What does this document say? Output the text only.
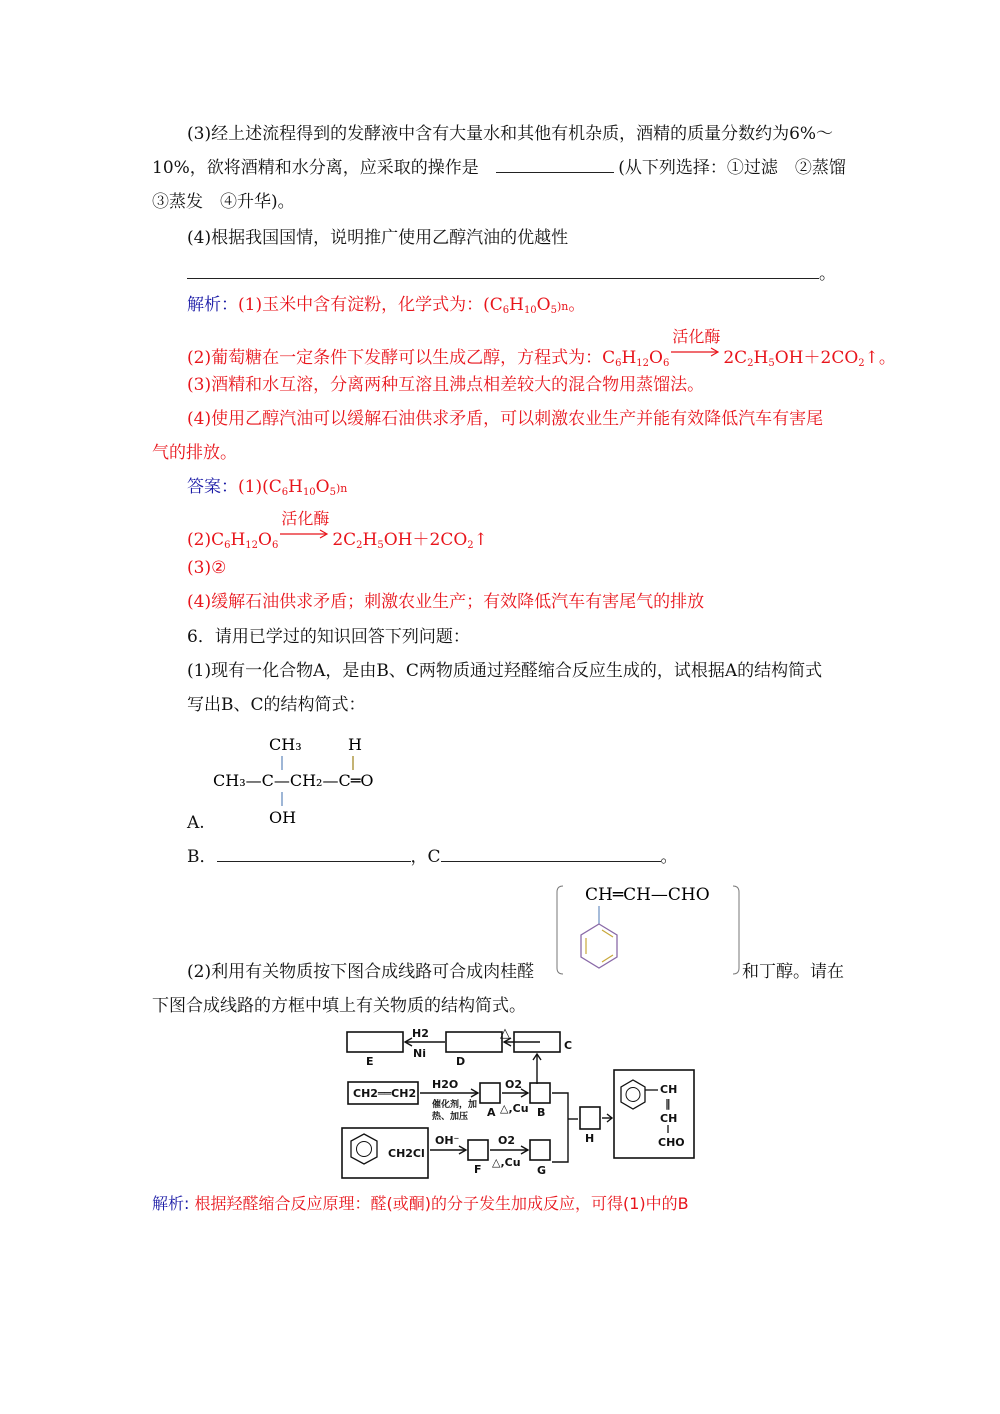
(3)经上述流程得到的发酵液中含有大量水和其他有机杂质，酒精的质量分数约为6%～
10%，欲将酒精和水分离，应采取的操作是	(从下列选择：①过滤　②蒸馏
③蒸发　④升华)。
(4)根据我国国情，说明推广使用乙醇汽油的优越性
。
解析：(1)玉米中含有淀粉，化学式为：$(C_6H_{10}O_5)n$。
(2)葡萄糖在一定条件下发酵可以生成乙醇，方程式为：$C_6H_{12}O_6$
活化酶
$2C_2H_5OH+2CO_2↑$。
(3)酒精和水互溶，分离两种互溶且沸点相差较大的混合物用蒸馏法。
(4)使用乙醇汽油可以缓解石油供求矛盾，可以刺激农业生产并能有效降低汽车有害尾
气的排放。
答案：$(1)(C_6H_{10}O_5)n$
$(2)C_6H_{12}O_6$
活化酶
$2C_2H_5OH+2CO_2↑$
(3)②
(4)缓解石油供求矛盾；刺激农业生产；有效降低汽车有害尾气的排放
6．请用已学过的知识回答下列问题：
(1)现有一化合物A，是由B、C两物质通过羟醛缩合反应生成的，试根据A的结构简式
写出B、C的结构简式：
CH₃	H
CH₃—C—CH₂—C═O
OH
A.
B．	，C	。
CH═CH—CHO
(2)利用有关物质按下图合成线路可合成肉桂醛	和丁醇。请在
下图合成线路的方框中填上有关物质的结构简式。
E
H2
Ni
D
△
C
CH2══CH2
H2O
催化剂，加
热、加压 A
O2
△,Cu B
H
CH
‖
CH
CHO
CH2Cl
OH⁻
F
O2
△,Cu
G
解析: 根据羟醛缩合反应原理：醛(或酮)的分子发生加成反应，可得(1)中的B
